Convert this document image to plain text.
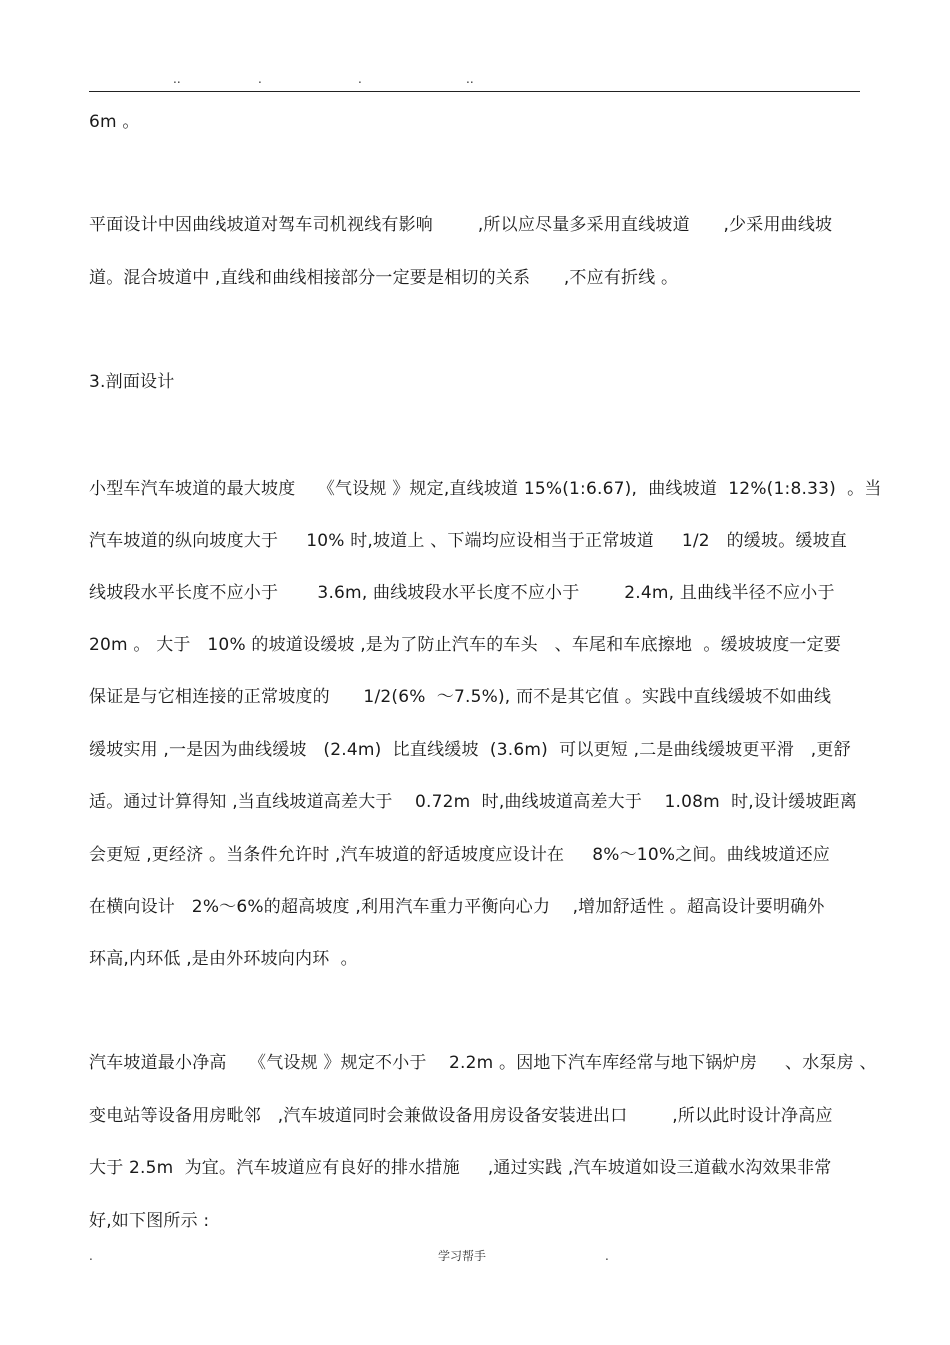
..	.	.	..
6m 。
平面设计中因曲线坡道对驾车司机视线有影响        ,所以应尽量多采用直线坡道      ,少采用曲线坡
道。混合坡道中 ,直线和曲线相接部分一定要是相切的关系      ,不应有折线 。
3.剖面设计
小型车汽车坡道的最大坡度    《气设规 》规定,直线坡道 15%(1:6.67),  曲线坡道  12%(1:8.33)  。当
汽车坡道的纵向坡度大于     10% 时,坡道上 、下端均应设相当于正常坡道     1/2   的缓坡。缓坡直
线坡段水平长度不应小于       3.6m, 曲线坡段水平长度不应小于        2.4m, 且曲线半径不应小于
20m 。 大于   10% 的坡道设缓坡 ,是为了防止汽车的车头   、车尾和车底擦地  。缓坡坡度一定要
保证是与它相连接的正常坡度的      1/2(6%  ～7.5%), 而不是其它值 。实践中直线缓坡不如曲线
缓坡实用 ,一是因为曲线缓坡   (2.4m)  比直线缓坡  (3.6m)  可以更短 ,二是曲线缓坡更平滑   ,更舒
适。通过计算得知 ,当直线坡道高差大于    0.72m  时,曲线坡道高差大于    1.08m  时,设计缓坡距离
会更短 ,更经济 。当条件允许时 ,汽车坡道的舒适坡度应设计在     8%～10%之间。曲线坡道还应
在横向设计   2%～6%的超高坡度 ,利用汽车重力平衡向心力    ,增加舒适性 。超高设计要明确外
环高,内环低 ,是由外环坡向内环  。
汽车坡道最小净高    《气设规 》规定不小于    2.2m 。因地下汽车库经常与地下锅炉房     、水泵房 、
变电站等设备用房毗邻   ,汽车坡道同时会兼做设备用房设备安装进出口        ,所以此时设计净高应
大于 2.5m  为宜。汽车坡道应有良好的排水措施     ,通过实践 ,汽车坡道如设三道截水沟效果非常
好,如下图所示 :
.	学习帮手	.
